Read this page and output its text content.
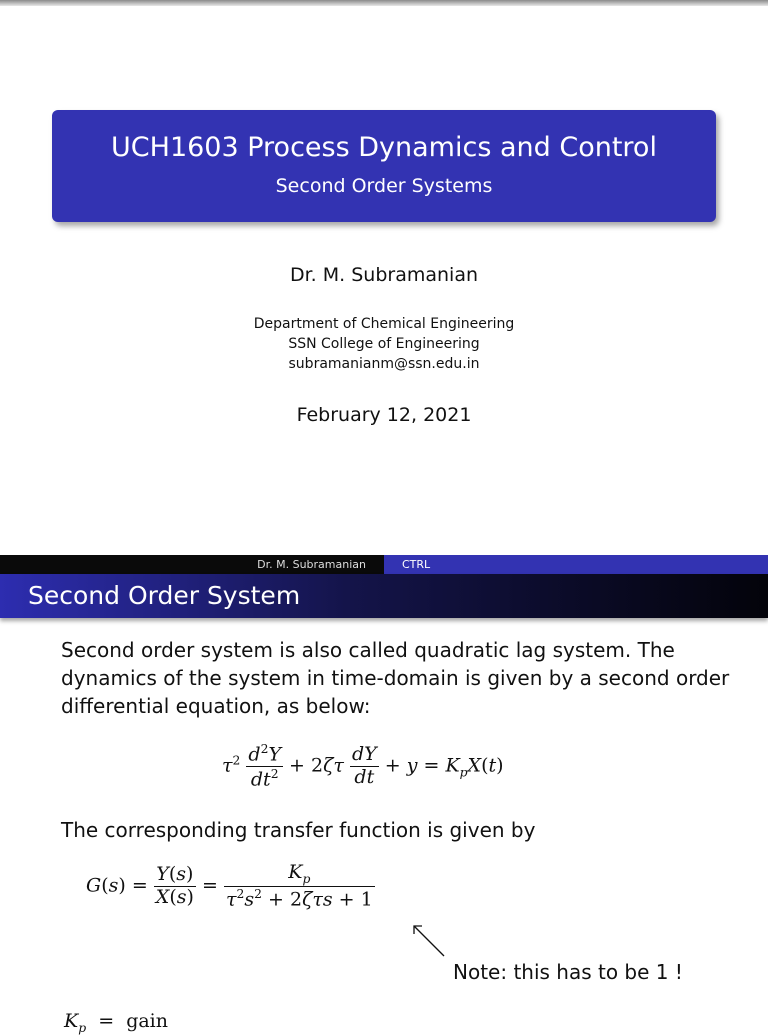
UCH1603 Process Dynamics and Control
Second Order Systems
Dr. M. Subramanian
Department of Chemical Engineering
SSN College of Engineering
subramanianm@ssn.edu.in
February 12, 2021
Dr. M. Subramanian	CTRL
Second Order System
Second order system is also called quadratic lag system. The dynamics of the system in time-domain is given by a second order differential equation, as below:
$\tau^2 \frac{d^2Y}{dt^2} + 2\zeta\tau \frac{dY}{dt} + y = K_pX(t)$
The corresponding transfer function is given by
$G(s) = \frac{Y(s)}{X(s)} = \frac{K_p}{\tau^2s^2 + 2\zeta\tau s + 1}$
Note: this has to be 1 !
$K_p$  =  gain
